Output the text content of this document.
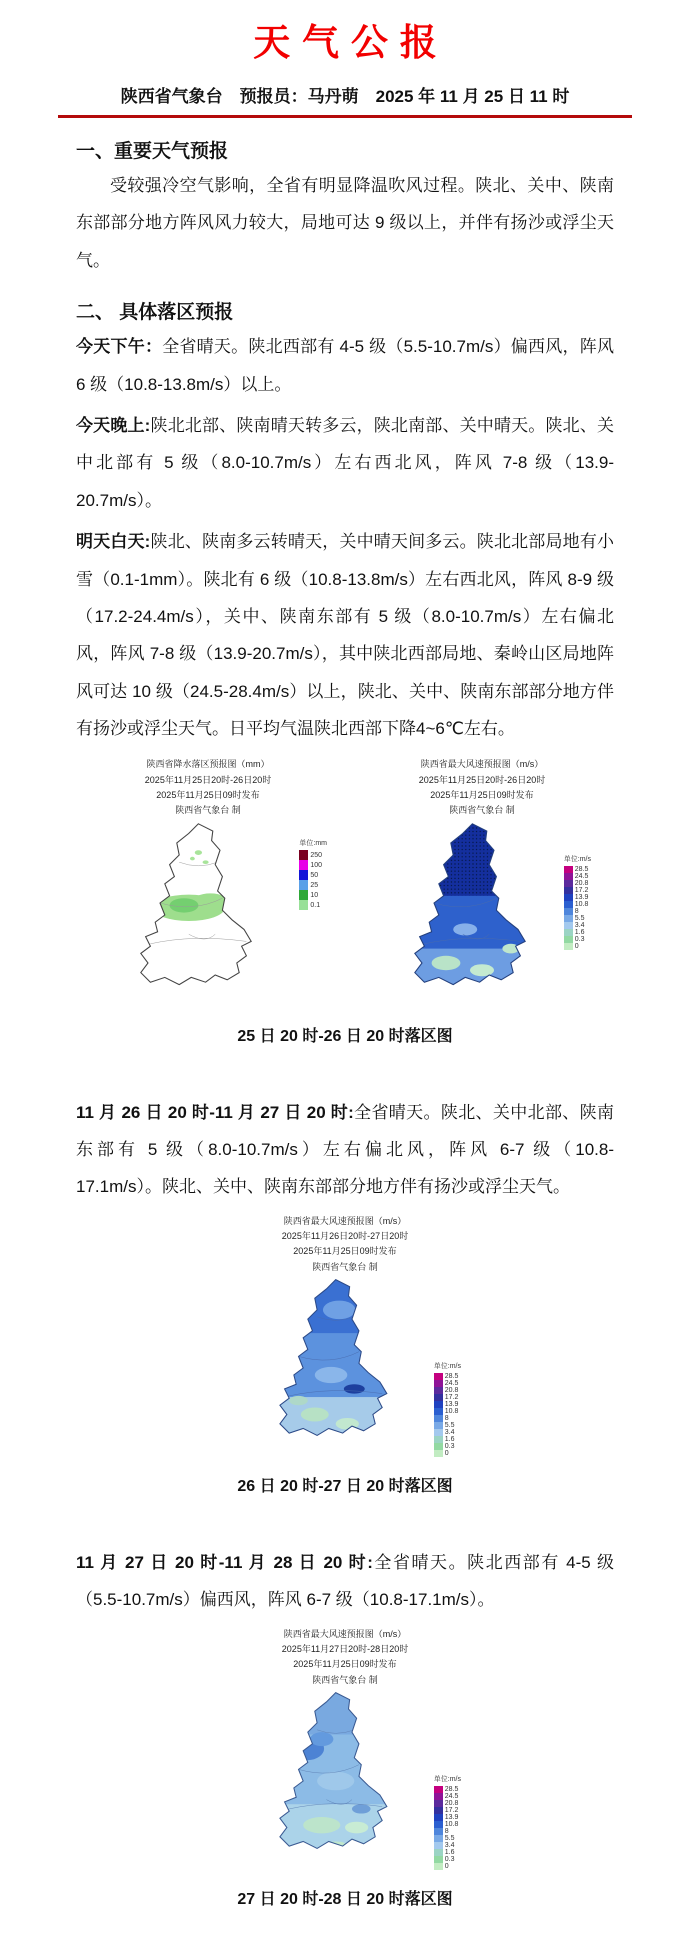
天气公报
陕西省气象台　预报员：马丹萌　2025 年 11 月 25 日 11 时
一、重要天气预报

受较强冷空气影响，全省有明显降温吹风过程。陕北、关中、陕南东部部分地方阵风风力较大，局地可达 9 级以上，并伴有扬沙或浮尘天气。

二、 具体落区预报

今天下午：全省晴天。陕北西部有 4-5 级（5.5-10.7m/s）偏西风，阵风 6 级（10.8-13.8m/s）以上。

今天晚上:陕北北部、陕南晴天转多云，陕北南部、关中晴天。陕北、关中北部有 5 级（8.0-10.7m/s）左右西北风，阵风 7-8 级（13.9-20.7m/s）。

明天白天:陕北、陕南多云转晴天，关中晴天间多云。陕北北部局地有小雪（0.1-1mm）。陕北有 6 级（10.8-13.8m/s）左右西北风，阵风 8-9 级（17.2-24.4m/s），关中、陕南东部有 5 级（8.0-10.7m/s）左右偏北风，阵风 7-8 级（13.9-20.7m/s），其中陕北西部局地、秦岭山区局地阵风可达 10 级（24.5-28.4m/s）以上，陕北、关中、陕南东部部分地方伴有扬沙或浮尘天气。日平均气温陕北西部下降4~6℃左右。

陕西省降水落区预报图（mm）
2025年11月25日20时-26日20时
2025年11月25日09时发布
陕西省气象台 制
单位:mm
250
100
50
25
10
0.1
陕西省最大风速预报图（m/s）
2025年11月25日20时-26日20时
2025年11月25日09时发布
陕西省气象台 制
单位:m/s
28.5
24.5
20.8
17.2
13.9
10.8
8
5.5
3.4
1.6
0.3
0

25 日 20 时-26 日 20 时落区图

11 月 26 日 20 时-11 月 27 日 20 时:全省晴天。陕北、关中北部、陕南东部有 5 级（8.0-10.7m/s）左右偏北风，阵风 6-7 级（10.8-17.1m/s）。陕北、关中、陕南东部部分地方伴有扬沙或浮尘天气。

陕西省最大风速预报图（m/s）
2025年11月26日20时-27日20时
2025年11月25日09时发布
陕西省气象台 制
单位:m/s
28.5
24.5
20.8
17.2
13.9
10.8
8
5.5
3.4
1.6
0.3
0

26 日 20 时-27 日 20 时落区图

11 月 27 日 20 时-11 月 28 日 20 时:全省晴天。陕北西部有 4-5 级（5.5-10.7m/s）偏西风，阵风 6-7 级（10.8-17.1m/s）。

陕西省最大风速预报图（m/s）
2025年11月27日20时-28日20时
2025年11月25日09时发布
陕西省气象台 制
单位:m/s
28.5
24.5
20.8
17.2
13.9
10.8
8
5.5
3.4
1.6
0.3
0

27 日 20 时-28 日 20 时落区图
